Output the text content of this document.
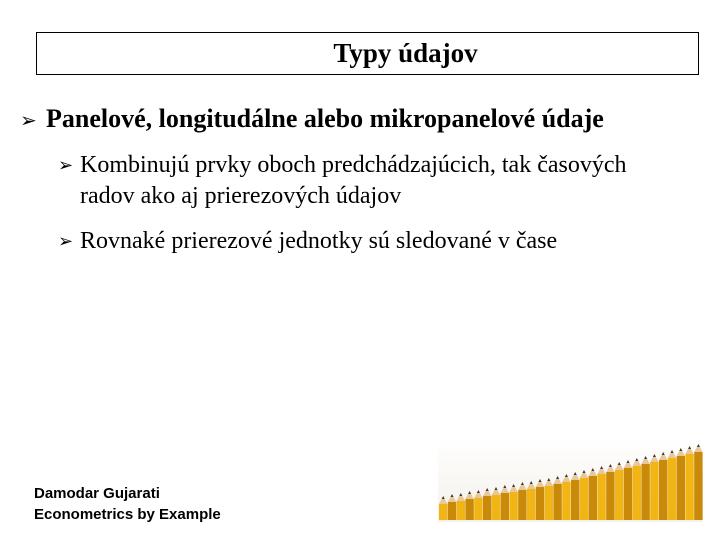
Typy údajov
➢ Panelové, longitudálne alebo mikropanelové údaje
➢ Kombinujú prvky oboch predchádzajúcich, tak časových radov ako aj prierezových údajov
➢ Rovnaké prierezové jednotky sú sledované v čase
Damodar Gujarati
Econometrics by Example
